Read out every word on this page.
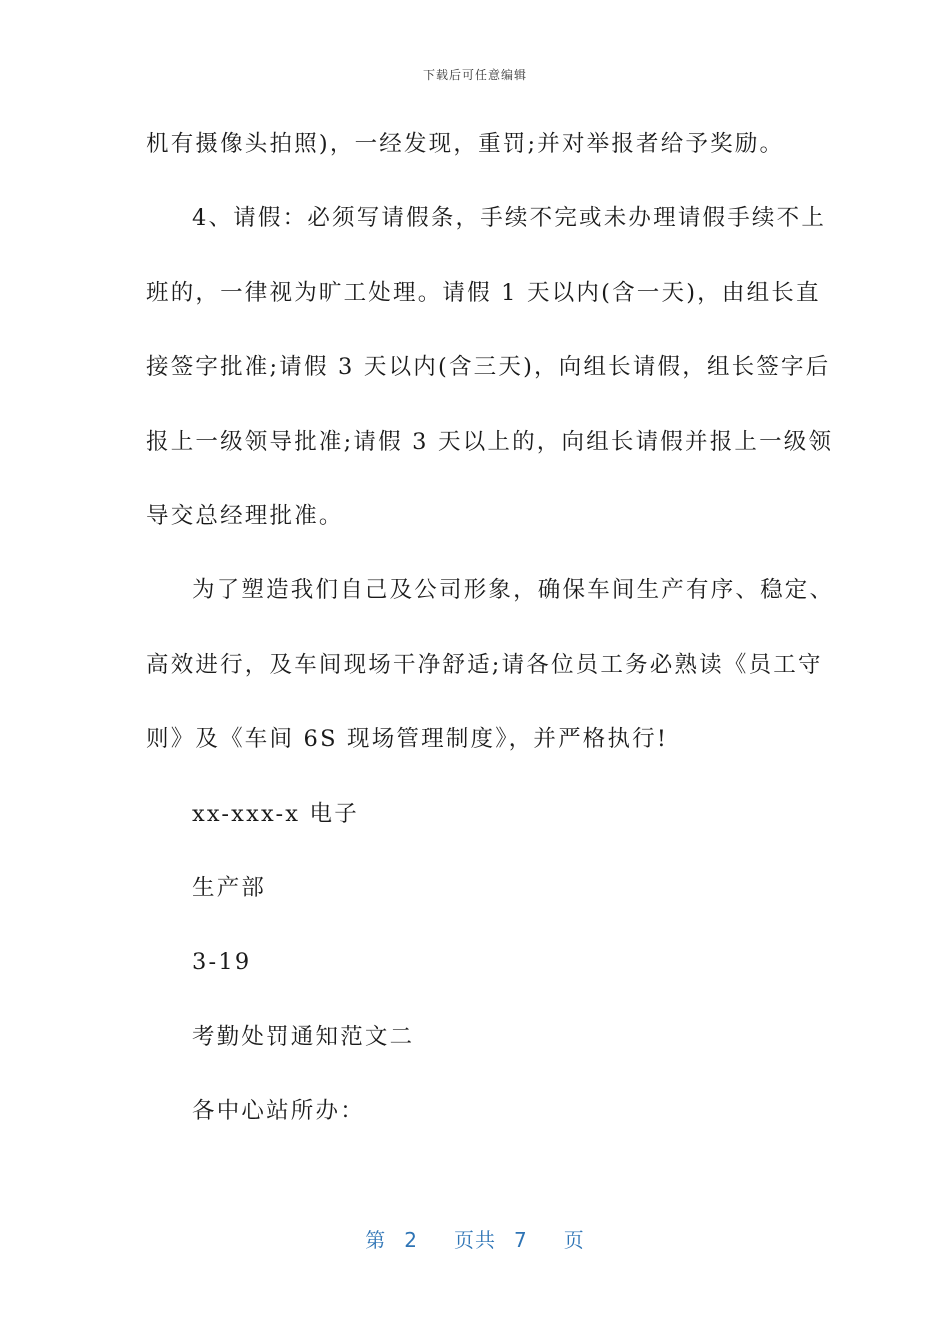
下载后可任意编辑
机有摄像头拍照)，一经发现，重罚;并对举报者给予奖励。
4、请假：必须写请假条，手续不完或未办理请假手续不上
班的，一律视为旷工处理。请假 1 天以内(含一天)，由组长直
接签字批准;请假 3 天以内(含三天)，向组长请假，组长签字后
报上一级领导批准;请假 3 天以上的，向组长请假并报上一级领
导交总经理批准。
为了塑造我们自己及公司形象，确保车间生产有序、稳定、
高效进行，及车间现场干净舒适;请各位员工务必熟读《员工守
则》及《车间 6S 现场管理制度》，并严格执行!
xx-xxx-x 电子
生产部
3-19
考勤处罚通知范文二
各中心站所办：
第 2 页共 7 页
